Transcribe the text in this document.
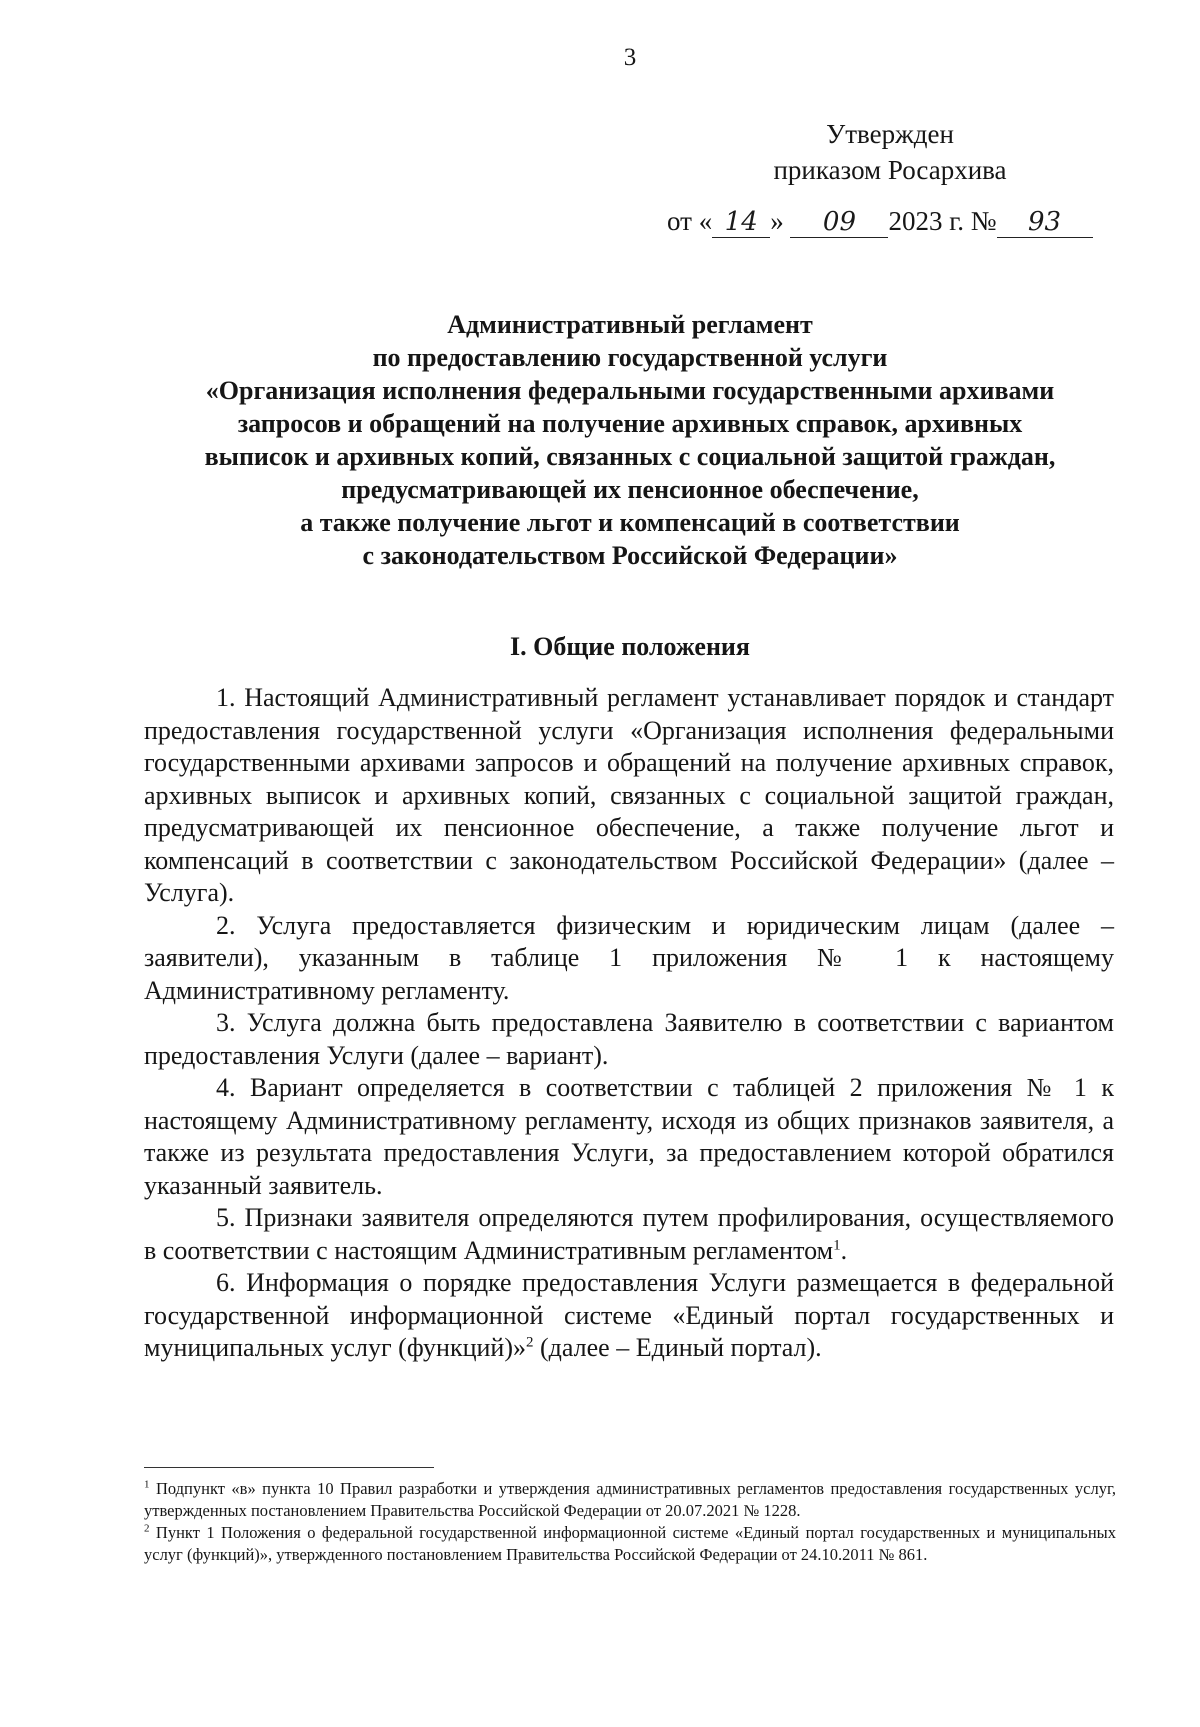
3
Утвержден
приказом Росархива
от « 14 » 09 2023 г. № 93
Административный регламент
по предоставлению государственной услуги
«Организация исполнения федеральными государственными архивами
запросов и обращений на получение архивных справок, архивных
выписок и архивных копий, связанных с социальной защитой граждан,
предусматривающей их пенсионное обеспечение,
а также получение льгот и компенсаций в соответствии
с законодательством Российской Федерации»
I. Общие положения

1. Настоящий Административный регламент устанавливает порядок и стандарт предоставления государственной услуги «Организация исполнения федеральными государственными архивами запросов и обращений на получение архивных справок, архивных выписок и архивных копий, связанных с социальной защитой граждан, предусматривающей их пенсионное обеспечение, а также получение льгот и компенсаций в соответствии с законодательством Российской Федерации» (далее – Услуга).

2. Услуга предоставляется физическим и юридическим лицам (далее – заявители), указанным в таблице 1 приложения № 1 к настоящему Административному регламенту.

3. Услуга должна быть предоставлена Заявителю в соответствии с вариантом предоставления Услуги (далее – вариант).

4. Вариант определяется в соответствии с таблицей 2 приложения № 1 к настоящему Административному регламенту, исходя из общих признаков заявителя, а также из результата предоставления Услуги, за предоставлением которой обратился указанный заявитель.

5. Признаки заявителя определяются путем профилирования, осуществляемого в соответствии с настоящим Административным регламентом$^1$.

6. Информация о порядке предоставления Услуги размещается в федеральной государственной информационной системе «Единый портал государственных и муниципальных услуг (функций)»$^2$ (далее – Единый портал).

$^1$ Подпункт «в» пункта 10 Правил разработки и утверждения административных регламентов предоставления государственных услуг, утвержденных постановлением Правительства Российской Федерации от 20.07.2021 № 1228.

$^2$ Пункт 1 Положения о федеральной государственной информационной системе «Единый портал государственных и муниципальных услуг (функций)», утвержденного постановлением Правительства Российской Федерации от 24.10.2011 № 861.
